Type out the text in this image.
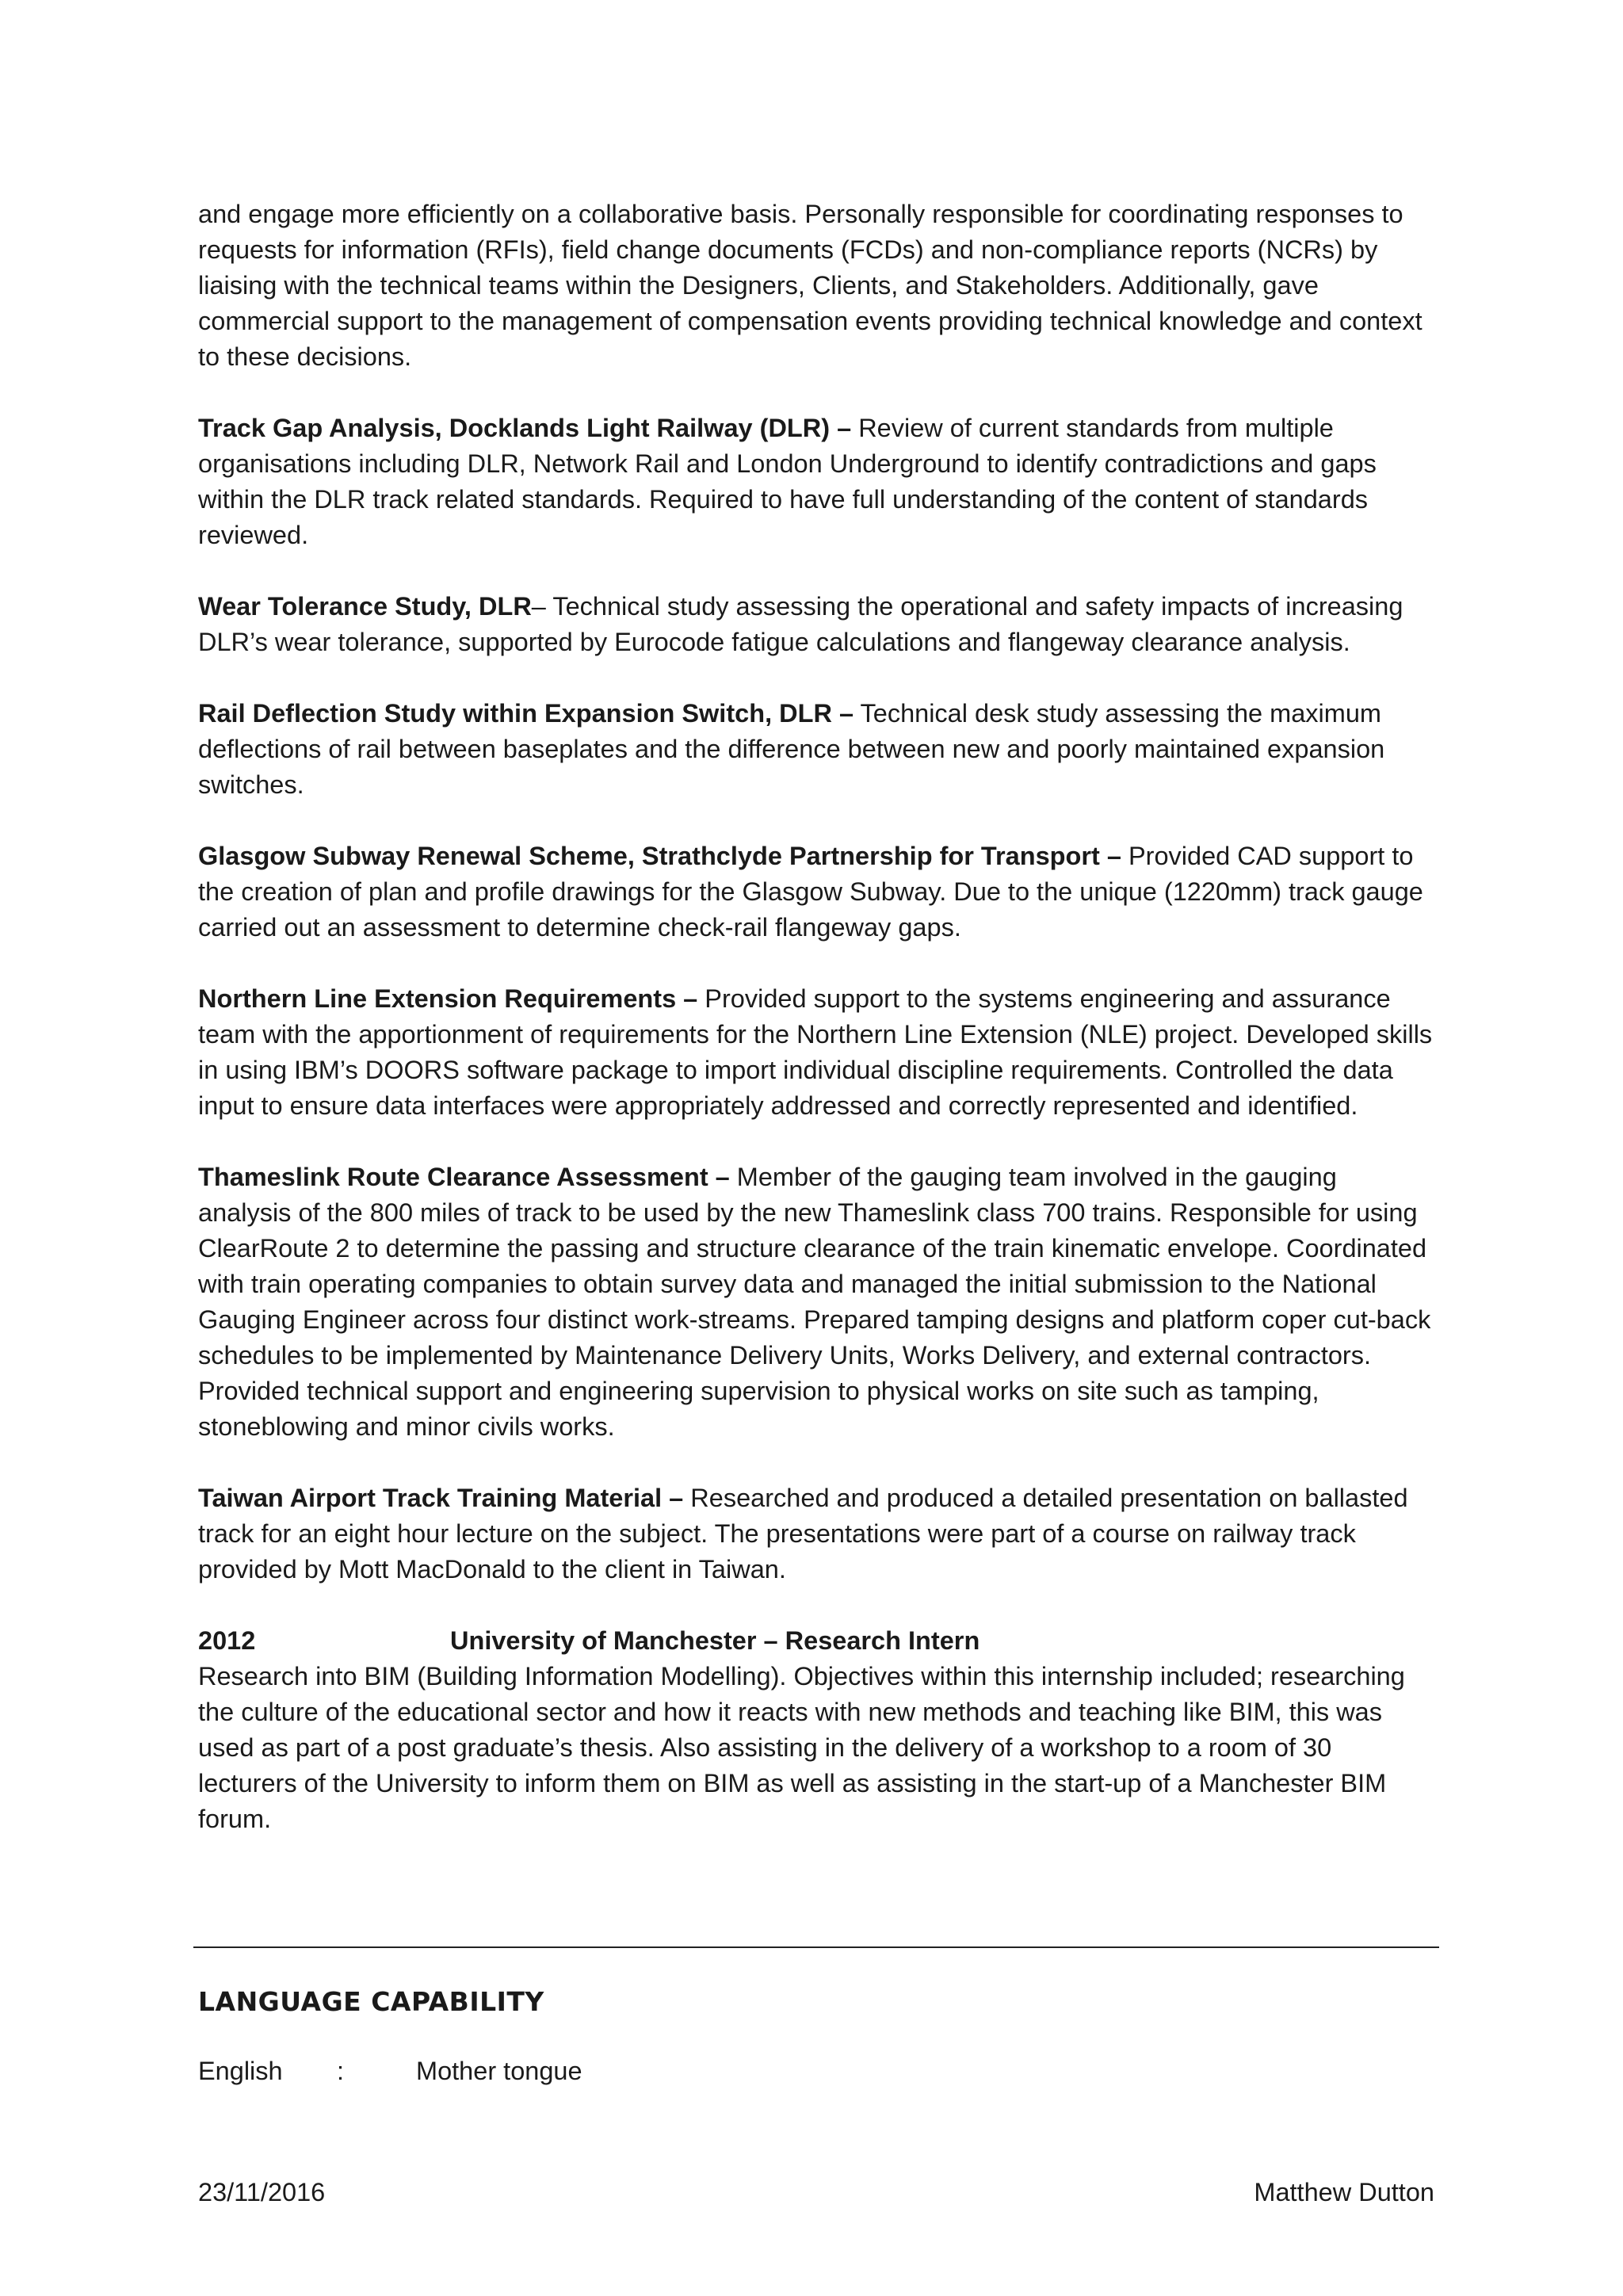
and engage more efficiently on a collaborative basis. Personally responsible for coordinating responses to requests for information (RFIs), field change documents (FCDs) and non-compliance reports (NCRs) by liaising with the technical teams within the Designers, Clients, and Stakeholders. Additionally, gave commercial support to the management of compensation events providing technical knowledge and context to these decisions.

Track Gap Analysis, Docklands Light Railway (DLR) – Review of current standards from multiple organisations including DLR, Network Rail and London Underground to identify contradictions and gaps within the DLR track related standards. Required to have full understanding of the content of standards reviewed.

Wear Tolerance Study, DLR– Technical study assessing the operational and safety impacts of increasing DLR’s wear tolerance, supported by Eurocode fatigue calculations and flangeway clearance analysis.

Rail Deflection Study within Expansion Switch, DLR – Technical desk study assessing the maximum deflections of rail between baseplates and the difference between new and poorly maintained expansion switches.

Glasgow Subway Renewal Scheme, Strathclyde Partnership for Transport – Provided CAD support to the creation of plan and profile drawings for the Glasgow Subway. Due to the unique (1220mm) track gauge carried out an assessment to determine check-rail flangeway gaps.

Northern Line Extension Requirements – Provided support to the systems engineering and assurance team with the apportionment of requirements for the Northern Line Extension (NLE) project. Developed skills in using IBM’s DOORS software package to import individual discipline requirements. Controlled the data input to ensure data interfaces were appropriately addressed and correctly represented and identified.

Thameslink Route Clearance Assessment – Member of the gauging team involved in the gauging analysis of the 800 miles of track to be used by the new Thameslink class 700 trains. Responsible for using ClearRoute 2 to determine the passing and structure clearance of the train kinematic envelope. Coordinated with train operating companies to obtain survey data and managed the initial submission to the National Gauging Engineer across four distinct work-streams. Prepared tamping designs and platform coper cut-back schedules to be implemented by Maintenance Delivery Units, Works Delivery, and external contractors. Provided technical support and engineering supervision to physical works on site such as tamping, stoneblowing and minor civils works.

Taiwan Airport Track Training Material – Researched and produced a detailed presentation on ballasted track for an eight hour lecture on the subject. The presentations were part of a course on railway track provided by Mott MacDonald to the client in Taiwan.

2012	University of Manchester – Research Intern

Research into BIM (Building Information Modelling). Objectives within this internship included; researching the culture of the educational sector and how it reacts with new methods and teaching like BIM, this was used as part of a post graduate’s thesis. Also assisting in the delivery of a workshop to a room of 30 lecturers of the University to inform them on BIM as well as assisting in the start-up of a Manchester BIM forum.

LANGUAGE CAPABILITY
English	:	Mother tongue
23/11/2016	Matthew Dutton
